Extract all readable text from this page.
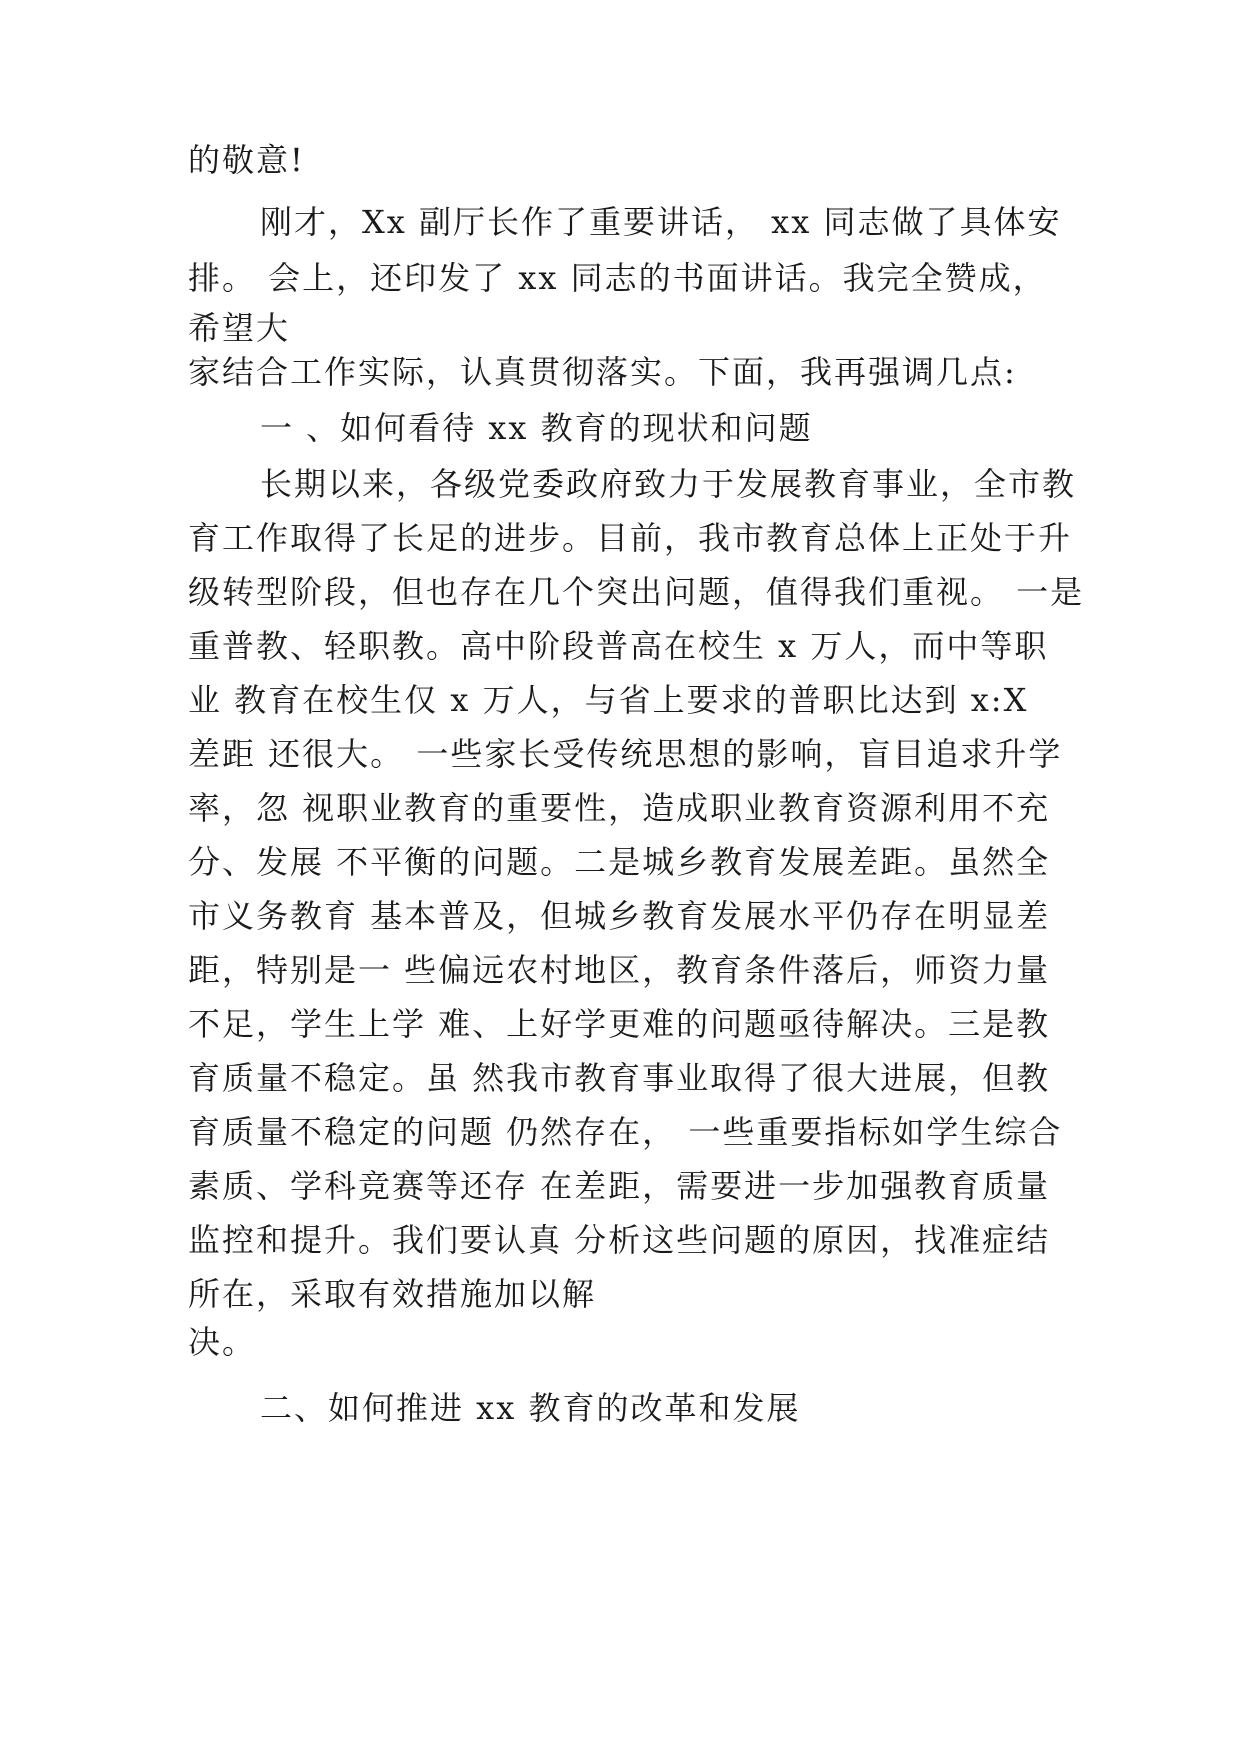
的敬意!
刚才，Xx 副厅长作了重要讲话， xx 同志做了具体安
排。 会上，还印发了 xx 同志的书面讲话。我完全赞成，
希望大
家结合工作实际，认真贯彻落实。下面，我再强调几点:
一 、如何看待 xx 教育的现状和问题
长期以来，各级党委政府致力于发展教育事业，全市教
育工作取得了长足的进步。目前，我市教育总体上正处于升
级转型阶段，但也存在几个突出问题，值得我们重视。 一是
重普教、轻职教。高中阶段普高在校生 x 万人，而中等职
业 教育在校生仅 x 万人，与省上要求的普职比达到 x:X
差距 还很大。 一些家长受传统思想的影响，盲目追求升学
率，忽 视职业教育的重要性，造成职业教育资源利用不充
分、发展 不平衡的问题。二是城乡教育发展差距。虽然全
市义务教育 基本普及，但城乡教育发展水平仍存在明显差
距，特别是一 些偏远农村地区，教育条件落后，师资力量
不足，学生上学 难、上好学更难的问题亟待解决。三是教
育质量不稳定。虽 然我市教育事业取得了很大进展，但教
育质量不稳定的问题 仍然存在， 一些重要指标如学生综合
素质、学科竞赛等还存 在差距，需要进一步加强教育质量
监控和提升。我们要认真 分析这些问题的原因，找准症结
所在，采取有效措施加以解
决。
二、如何推进 xx 教育的改革和发展
